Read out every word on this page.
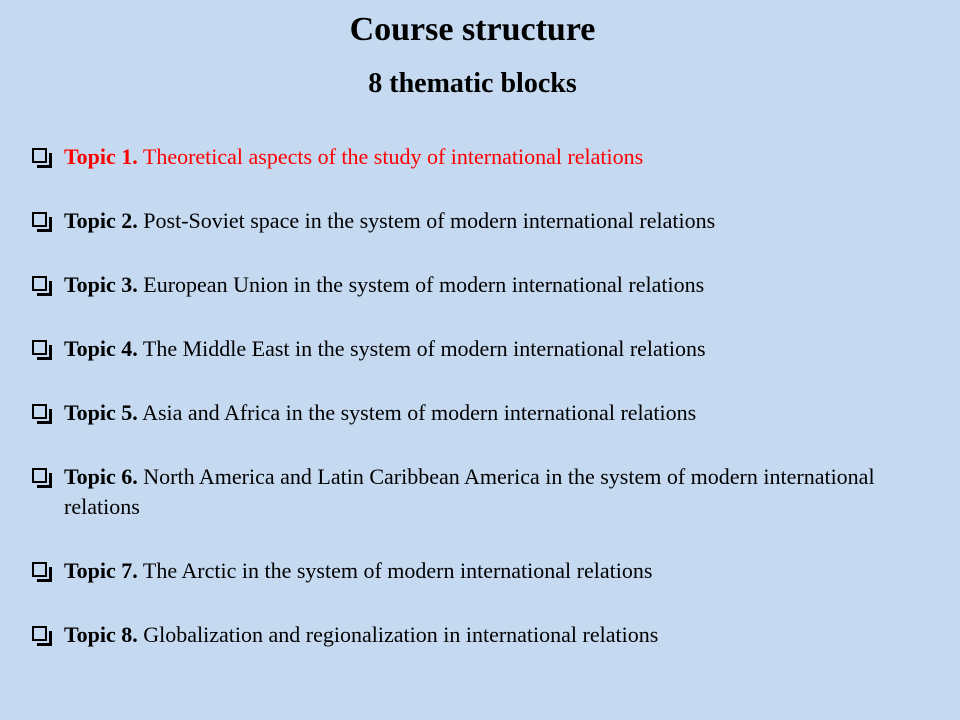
Course structure
8 thematic blocks
Topic 1. Theoretical aspects of the study of international relations
Topic 2. Post-Soviet space in the system of modern international relations
Topic 3. European Union in the system of modern international relations
Topic 4. The Middle East in the system of modern international relations
Topic 5. Asia and Africa in the system of modern international relations
Topic 6. North America and Latin Caribbean America in the system of modern international relations
Topic 7. The Arctic in the system of modern international relations
Topic 8. Globalization and regionalization in international relations
